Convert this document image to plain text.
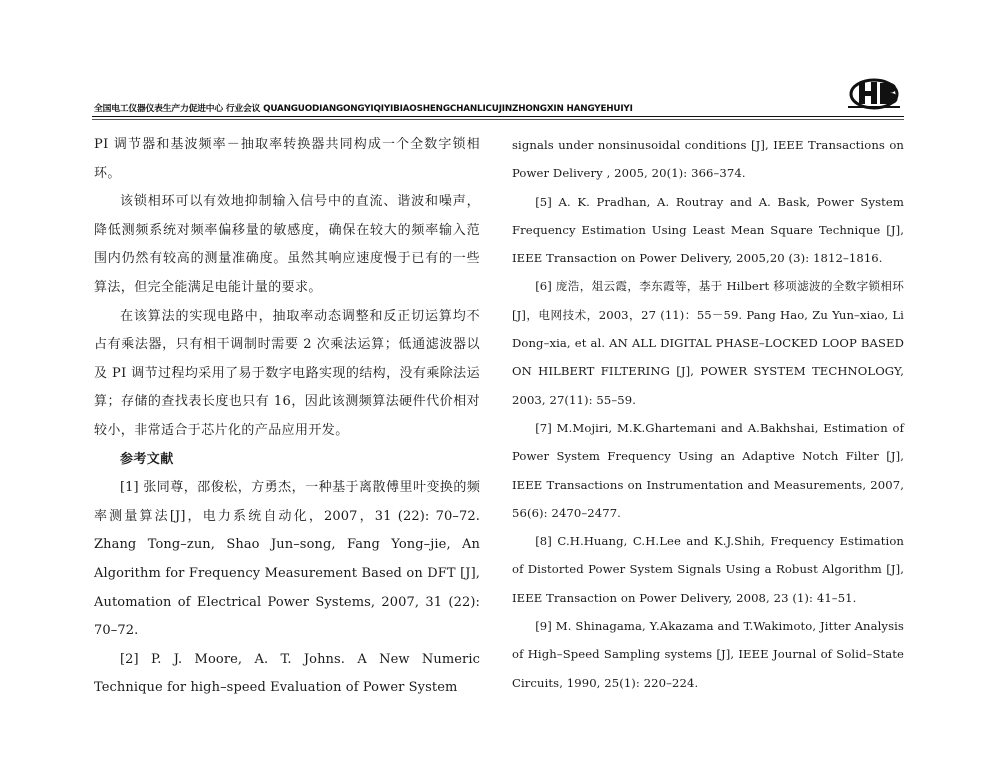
全国电工仪器仪表生产力促进中心 行业会议 QUANGUODIANGONGYIQIYIBIAOSHENGCHANLICUJINZHONGXIN HANGYEHUIYI

PI 调节器和基波频率－抽取率转换器共同构成一个全数字锁相环。

该锁相环可以有效地抑制输入信号中的直流、谐波和噪声，降低测频系统对频率偏移量的敏感度，确保在较大的频率输入范围内仍然有较高的测量准确度。虽然其响应速度慢于已有的一些算法，但完全能满足电能计量的要求。

在该算法的实现电路中，抽取率动态调整和反正切运算均不占有乘法器，只有相干调制时需要 2 次乘法运算；低通滤波器以及 PI 调节过程均采用了易于数字电路实现的结构，没有乘除法运算；存储的查找表长度也只有 16，因此该测频算法硬件代价相对较小，非常适合于芯片化的产品应用开发。

参考文献

[1] 张同尊，邵俊松，方勇杰，一种基于离散傅里叶变换的频率测量算法[J]，电力系统自动化，2007，31 (22): 70–72. Zhang Tong–zun, Shao Jun–song, Fang Yong–jie, An Algorithm for Frequency Measurement Based on DFT [J], Automation of Electrical Power Systems, 2007, 31 (22): 70–72.

[2] P. J. Moore, A. T. Johns. A New Numeric Technique for high–speed Evaluation of Power System

signals under nonsinusoidal conditions [J], IEEE Transactions on Power Delivery , 2005, 20(1): 366–374.

[5] A. K. Pradhan, A. Routray and A. Bask, Power System Frequency Estimation Using Least Mean Square Technique [J], IEEE Transaction on Power Delivery, 2005,20 (3): 1812–1816.

[6] 庞浩，俎云霞，李东霞等，基于 Hilbert 移项滤波的全数字锁相环[J]，电网技术，2003，27 (11)：55－59. Pang Hao, Zu Yun–xiao, Li Dong–xia, et al. AN ALL DIGITAL PHASE–LOCKED LOOP BASED ON HILBERT FILTERING [J], POWER SYSTEM TECHNOLOGY, 2003, 27(11): 55–59.

[7] M.Mojiri, M.K.Ghartemani and A.Bakhshai, Estimation of Power System Frequency Using an Adaptive Notch Filter [J], IEEE Transactions on Instrumentation and Measurements, 2007, 56(6): 2470–2477.

[8] C.H.Huang, C.H.Lee and K.J.Shih, Frequency Estimation of Distorted Power System Signals Using a Robust Algorithm [J], IEEE Transaction on Power Delivery, 2008, 23 (1): 41–51.

[9] M. Shinagama, Y.Akazama and T.Wakimoto, Jitter Analysis of High–Speed Sampling systems [J], IEEE Journal of Solid–State Circuits, 1990, 25(1): 220–224.
